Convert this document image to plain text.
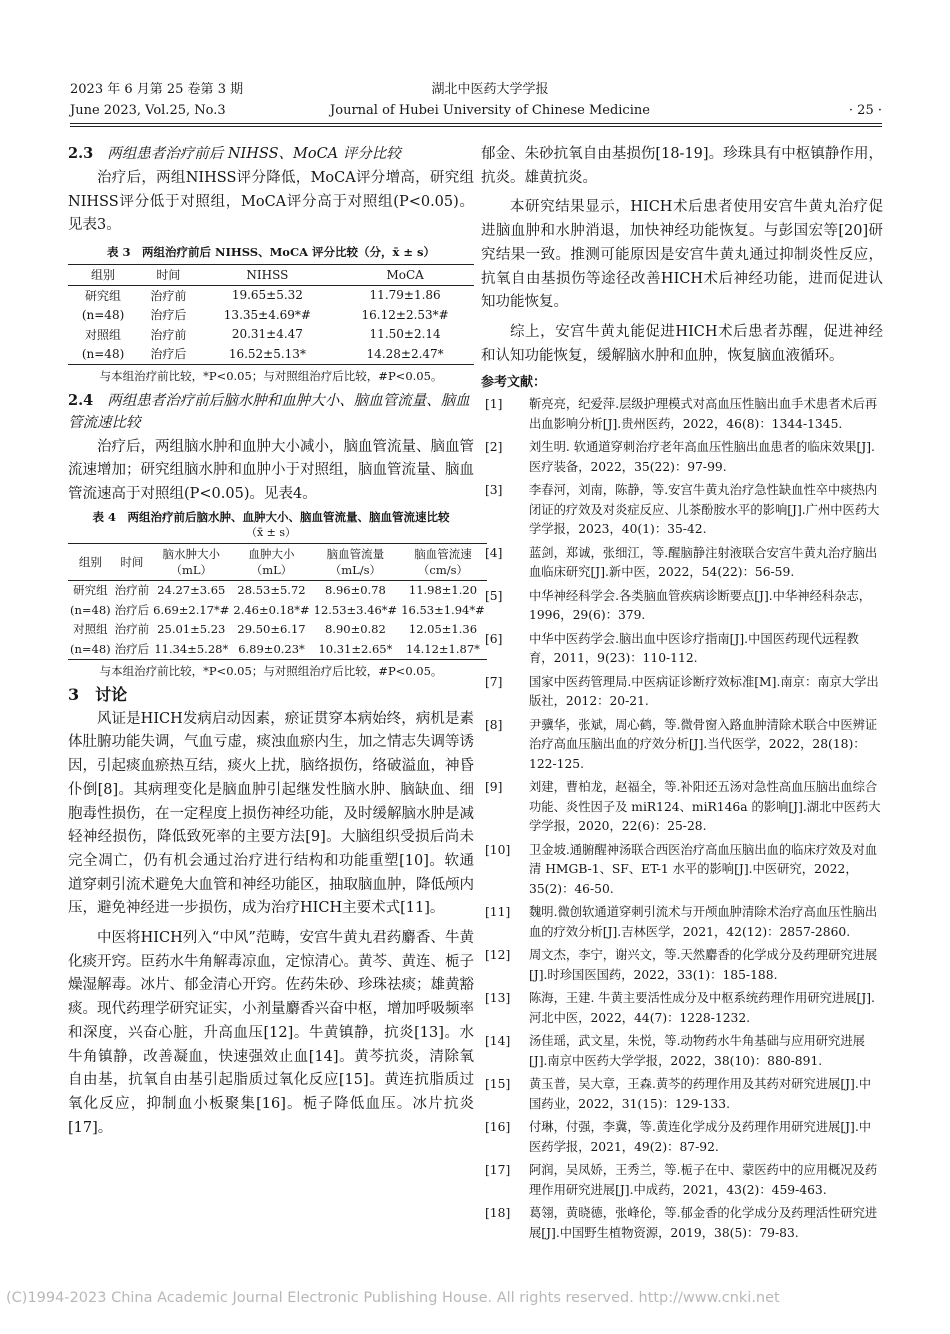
2023 年 6 月第 25 卷第 3 期
June 2023, Vol.25, No.3
湖北中医药大学学报
Journal of Hubei University of Chinese Medicine	· 25 ·

2.3 两组患者治疗前后 NIHSS、MoCA 评分比较

治疗后，两组NIHSS评分降低，MoCA评分增高，研究组NIHSS评分低于对照组，MoCA评分高于对照组(P<0.05)。见表3。

表 3　两组治疗前后 NIHSS、MoCA 评分比较（分，x̄ ± s）

组别	时间	NIHSS	MoCA
研究组	治疗前	19.65±5.32	11.79±1.86
(n=48)	治疗后	13.35±4.69*#	16.12±2.53*#
对照组	治疗前	20.31±4.47	11.50±2.14
(n=48)	治疗后	16.52±5.13*	14.28±2.47*

与本组治疗前比较，*P<0.05；与对照组治疗后比较，#P<0.05。

2.4 两组患者治疗前后脑水肿和血肿大小、脑血管流量、脑血管流速比较

治疗后，两组脑水肿和血肿大小减小，脑血管流量、脑血管流速增加；研究组脑水肿和血肿小于对照组，脑血管流量、脑血管流速高于对照组(P<0.05)。见表4。

表 4　两组治疗前后脑水肿、血肿大小、脑血管流量、脑血管流速比较

（x̄ ± s）

组别	时间	脑水肿大小（mL）	血肿大小（mL）	脑血管流量（mL/s）	脑血管流速（cm/s）
研究组	治疗前	24.27±3.65	28.53±5.72	8.96±0.78	11.98±1.20
(n=48)	治疗后	6.69±2.17*#	2.46±0.18*#	12.53±3.46*#	16.53±1.94*#
对照组	治疗前	25.01±5.23	29.50±6.17	8.90±0.82	12.05±1.36
(n=48)	治疗后	11.34±5.28*	6.89±0.23*	10.31±2.65*	14.12±1.87*

与本组治疗前比较，*P<0.05；与对照组治疗后比较，#P<0.05。

3 讨论

风证是HICH发病启动因素，瘀证贯穿本病始终，病机是素体肚腑功能失调，气血亏虚，痰浊血瘀内生，加之情志失调等诱因，引起痰血瘀热互结，痰火上扰，脑络损伤，络破溢血，神昏仆倒[8]。其病理变化是脑血肿引起继发性脑水肿、脑缺血、细胞毒性损伤，在一定程度上损伤神经功能，及时缓解脑水肿是减轻神经损伤，降低致死率的主要方法[9]。大脑组织受损后尚未完全凋亡，仍有机会通过治疗进行结构和功能重塑[10]。软通道穿刺引流术避免大血管和神经功能区，抽取脑血肿，降低颅内压，避免神经进一步损伤，成为治疗HICH主要术式[11]。

中医将HICH列入“中风”范畴，安宫牛黄丸君药麝香、牛黄化痰开窍。臣药水牛角解毒凉血，定惊清心。黄芩、黄连、栀子燥湿解毒。冰片、郁金清心开窍。佐药朱砂、珍珠祛痰；雄黄豁痰。现代药理学研究证实，小剂量麝香兴奋中枢，增加呼吸频率和深度，兴奋心脏，升高血压[12]。牛黄镇静，抗炎[13]。水牛角镇静，改善凝血，快速强效止血[14]。黄芩抗炎，清除氧自由基，抗氧自由基引起脂质过氧化反应[15]。黄连抗脂质过氧化反应，抑制血小板聚集[16]。栀子降低血压。冰片抗炎[17]。

郁金、朱砂抗氧自由基损伤[18-19]。珍珠具有中枢镇静作用，抗炎。雄黄抗炎。

本研究结果显示，HICH术后患者使用安宫牛黄丸治疗促进脑血肿和水肿消退，加快神经功能恢复。与彭国宏等[20]研究结果一致。推测可能原因是安宫牛黄丸通过抑制炎性反应，抗氧自由基损伤等途径改善HICH术后神经功能，进而促进认知功能恢复。

综上，安宫牛黄丸能促进HICH术后患者苏醒，促进神经和认知功能恢复，缓解脑水肿和血肿，恢复脑血液循环。

参考文献：

[1] 靳亮亮，纪爱萍.层级护理模式对高血压性脑出血手术患者术后再出血影响分析[J].贵州医药，2022，46(8)：1344-1345.

[2] 刘生明. 软通道穿刺治疗老年高血压性脑出血患者的临床效果[J].医疗装备，2022，35(22)：97-99.

[3] 李春河，刘南，陈静，等.安宫牛黄丸治疗急性缺血性卒中痰热内闭证的疗效及对炎症反应、儿茶酚胺水平的影响[J].广州中医药大学学报，2023，40(1)：35-42.

[4] 蓝剑，郑诚，张细江，等.醒脑静注射液联合安宫牛黄丸治疗脑出血临床研究[J].新中医，2022，54(22)：56-59.

[5] 中华神经科学会.各类脑血管疾病诊断要点[J].中华神经科杂志，1996，29(6)：379.

[6] 中华中医药学会.脑出血中医诊疗指南[J].中国医药现代远程教育，2011，9(23)：110-112.

[7] 国家中医药管理局.中医病证诊断疗效标准[M].南京：南京大学出版社，2012：20-21.

[8] 尹骥华，张斌，周心鹤，等.微骨窗入路血肿清除术联合中医辨证治疗高血压脑出血的疗效分析[J].当代医学，2022，28(18)：122-125.

[9] 刘建，曹柏龙，赵福全，等.补阳还五汤对急性高血压脑出血综合功能、炎性因子及 miR124、miR146a 的影响[J].湖北中医药大学学报，2020，22(6)：25-28.

[10] 卫金坡.通腑醒神汤联合西医治疗高血压脑出血的临床疗效及对血清 HMGB-1、SF、ET-1 水平的影响[J].中医研究，2022，35(2)：46-50.

[11] 魏明.微创软通道穿刺引流术与开颅血肿清除术治疗高血压性脑出血的疗效分析[J].吉林医学，2021，42(12)：2857-2860.

[12] 周文杰，李宁，谢兴文，等.天然麝香的化学成分及药理研究进展[J].时珍国医国药，2022，33(1)：185-188.

[13] 陈海，王建. 牛黄主要活性成分及中枢系统药理作用研究进展[J].河北中医，2022，44(7)：1228-1232.

[14] 汤佳瑶，武文星，朱悦，等.动物药水牛角基础与应用研究进展[J].南京中医药大学学报，2022，38(10)：880-891.

[15] 黄玉普，吴大章，王森.黄芩的药理作用及其药对研究进展[J].中国药业，2022，31(15)：129-133.

[16] 付琳，付强，李冀，等.黄连化学成分及药理作用研究进展[J].中医药学报，2021，49(2)：87-92.

[17] 阿润，吴凤娇，王秀兰，等.栀子在中、蒙医药中的应用概况及药理作用研究进展[J].中成药，2021，43(2)：459-463.

[18] 葛翎，黄晓德，张峰伦，等.郁金香的化学成分及药理活性研究进展[J].中国野生植物资源，2019，38(5)：79-83.

(C)1994-2023 China Academic Journal Electronic Publishing House. All rights reserved. http://www.cnki.net
